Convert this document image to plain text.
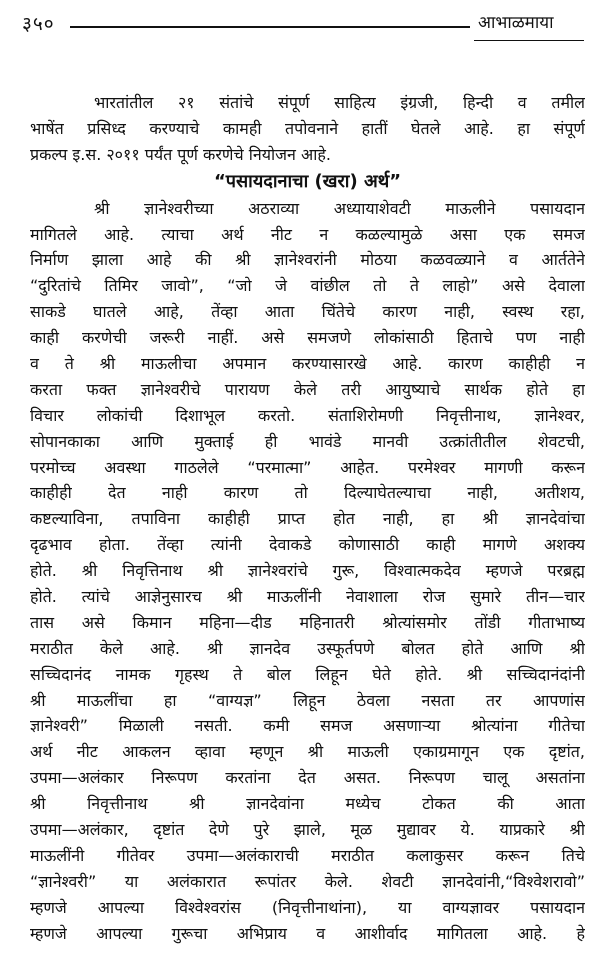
३५०	आभाळमाया
भारतांतील २१ संतांचे संपूर्ण साहित्य इंग्रजी, हिन्दी व तमील
भाषेंत प्रसिध्द करण्याचे कामही तपोवनाने हातीं घेतले आहे. हा संपूर्ण
प्रकल्प इ.स. २०११ पर्यंत पूर्ण करणेचे नियोजन आहे.
“पसायदानाचा (खरा) अर्थ”
श्री ज्ञानेश्वरीच्या अठराव्या अध्यायाशेवटी माऊलीने पसायदान
मागितले आहे. त्याचा अर्थ नीट न कळल्यामुळे असा एक समज
निर्माण झाला आहे की श्री ज्ञानेश्वरांनी मोठया कळवळ्याने व आर्ततेने
“दुरितांचे तिमिर जावो”, “जो जे वांछील तो ते लाहो” असे देवाला
साकडे घातले आहे, तेंव्हा आता चिंतेचे कारण नाही, स्वस्थ रहा,
काही करणेची जरूरी नाहीं. असे समजणे लोकांसाठी हिताचे पण नाही
व ते श्री माऊलीचा अपमान करण्यासारखे आहे. कारण काहीही न
करता फक्त ज्ञानेश्वरीचे पारायण केले तरी आयुष्याचे सार्थक होते हा
विचार लोकांची दिशाभूल करतो. संताशिरोमणी निवृत्तीनाथ, ज्ञानेश्वर,
सोपानकाका आणि मुक्ताई ही भावंडे मानवी उत्क्रांतीतील शेवटची,
परमोच्च अवस्था गाठलेले “परमात्मा” आहेत. परमेश्वर मागणी करून
काहीही देत नाही कारण तो दिल्याघेतल्याचा नाही, अतीशय,
कष्टल्याविना, तपाविना काहीही प्राप्त होत नाही, हा श्री ज्ञानदेवांचा
दृढभाव होता. तेंव्हा त्यांनी देवाकडे कोणासाठी काही मागणे अशक्य
होते. श्री निवृत्तिनाथ श्री ज्ञानेश्वरांचे गुरू, विश्वात्मकदेव म्हणजे परब्रह्म
होते. त्यांचे आज्ञेनुसारच श्री माऊलींनी नेवाशाला रोज सुमारे तीन—चार
तास असे किमान महिना—दीड महिनातरी श्रोत्यांसमोर तोंडी गीताभाष्य
मराठीत केले आहे. श्री ज्ञानदेव उस्फूर्तपणे बोलत होते आणि श्री
सच्चिदानंद नामक गृहस्थ ते बोल लिहून घेते होते. श्री सच्चिदानंदांनी
श्री माऊलींचा हा “वाग्यज्ञ” लिहून ठेवला नसता तर आपणांस
ज्ञानेश्वरी” मिळाली नसती. कमी समज असणाऱ्या श्रोत्यांना गीतेचा
अर्थ नीट आकलन व्हावा म्हणून श्री माऊली एकाग्रमागून एक दृष्टांत,
उपमा—अलंकार निरूपण करतांना देत असत. निरूपण चालू असतांना
श्री निवृत्तीनाथ श्री ज्ञानदेवांना मध्येच टोकत की आता
उपमा—अलंकार, दृष्टांत देणे पुरे झाले, मूळ मुद्यावर ये. याप्रकारे श्री
माऊलींनी गीतेवर उपमा—अलंकाराची मराठीत कलाकुसर करून तिचे
“ज्ञानेश्वरी” या अलंकारात रूपांतर केले. शेवटी ज्ञानदेवांनी,“विश्वेशरावो”
म्हणजे आपल्या विश्वेश्वरांस (निवृत्तीनाथांना), या वाग्यज्ञावर पसायदान
म्हणजे आपल्या गुरूचा अभिप्राय व आशीर्वाद मागितला आहे. हे
